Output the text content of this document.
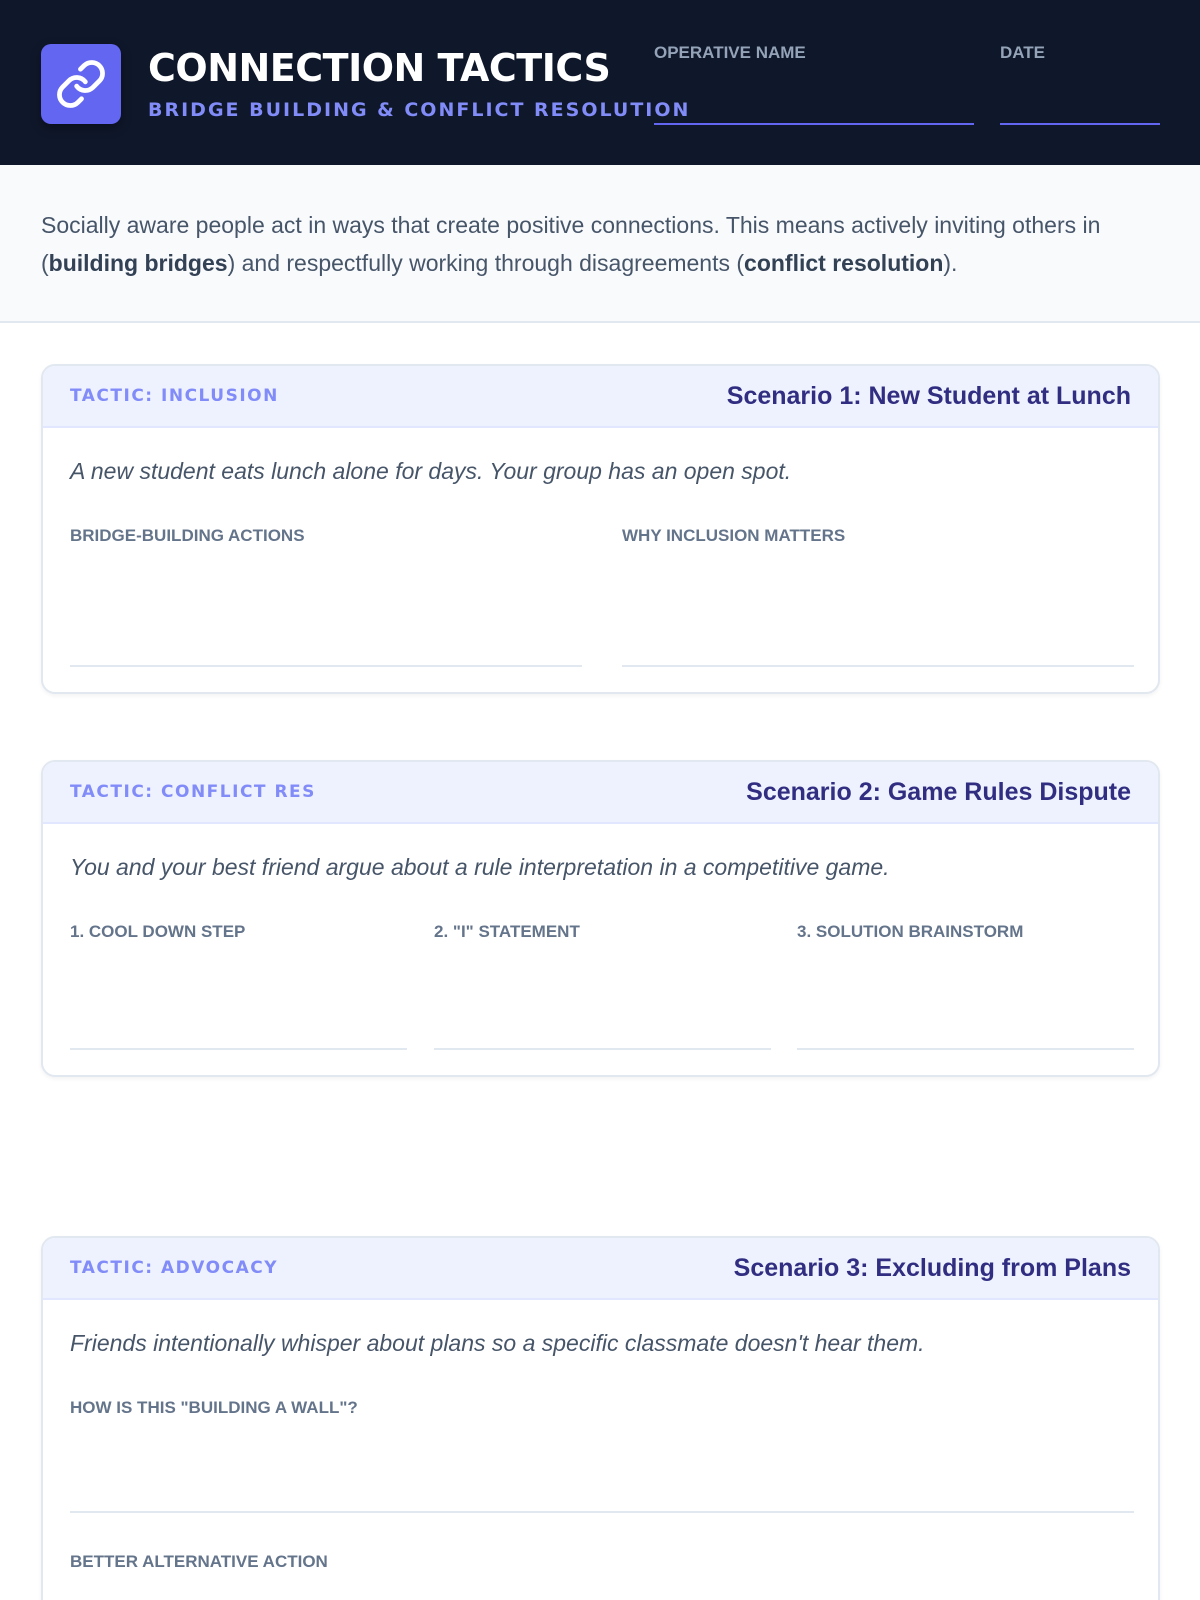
CONNECTION TACTICS
BRIDGE BUILDING & CONFLICT RESOLUTION
OPERATIVE NAME	DATE

Socially aware people act in ways that create positive connections. This means actively inviting others in (building bridges) and respectfully working through disagreements (conflict resolution).

TACTIC: INCLUSION	Scenario 1: New Student at Lunch
A new student eats lunch alone for days. Your group has an open spot.
BRIDGE-BUILDING ACTIONS	WHY INCLUSION MATTERS
TACTIC: CONFLICT RES	Scenario 2: Game Rules Dispute
You and your best friend argue about a rule interpretation in a competitive game.
1. COOL DOWN STEP	2. "I" STATEMENT	3. SOLUTION BRAINSTORM
TACTIC: ADVOCACY	Scenario 3: Excluding from Plans
Friends intentionally whisper about plans so a specific classmate doesn't hear them.
HOW IS THIS "BUILDING A WALL"?
BETTER ALTERNATIVE ACTION
